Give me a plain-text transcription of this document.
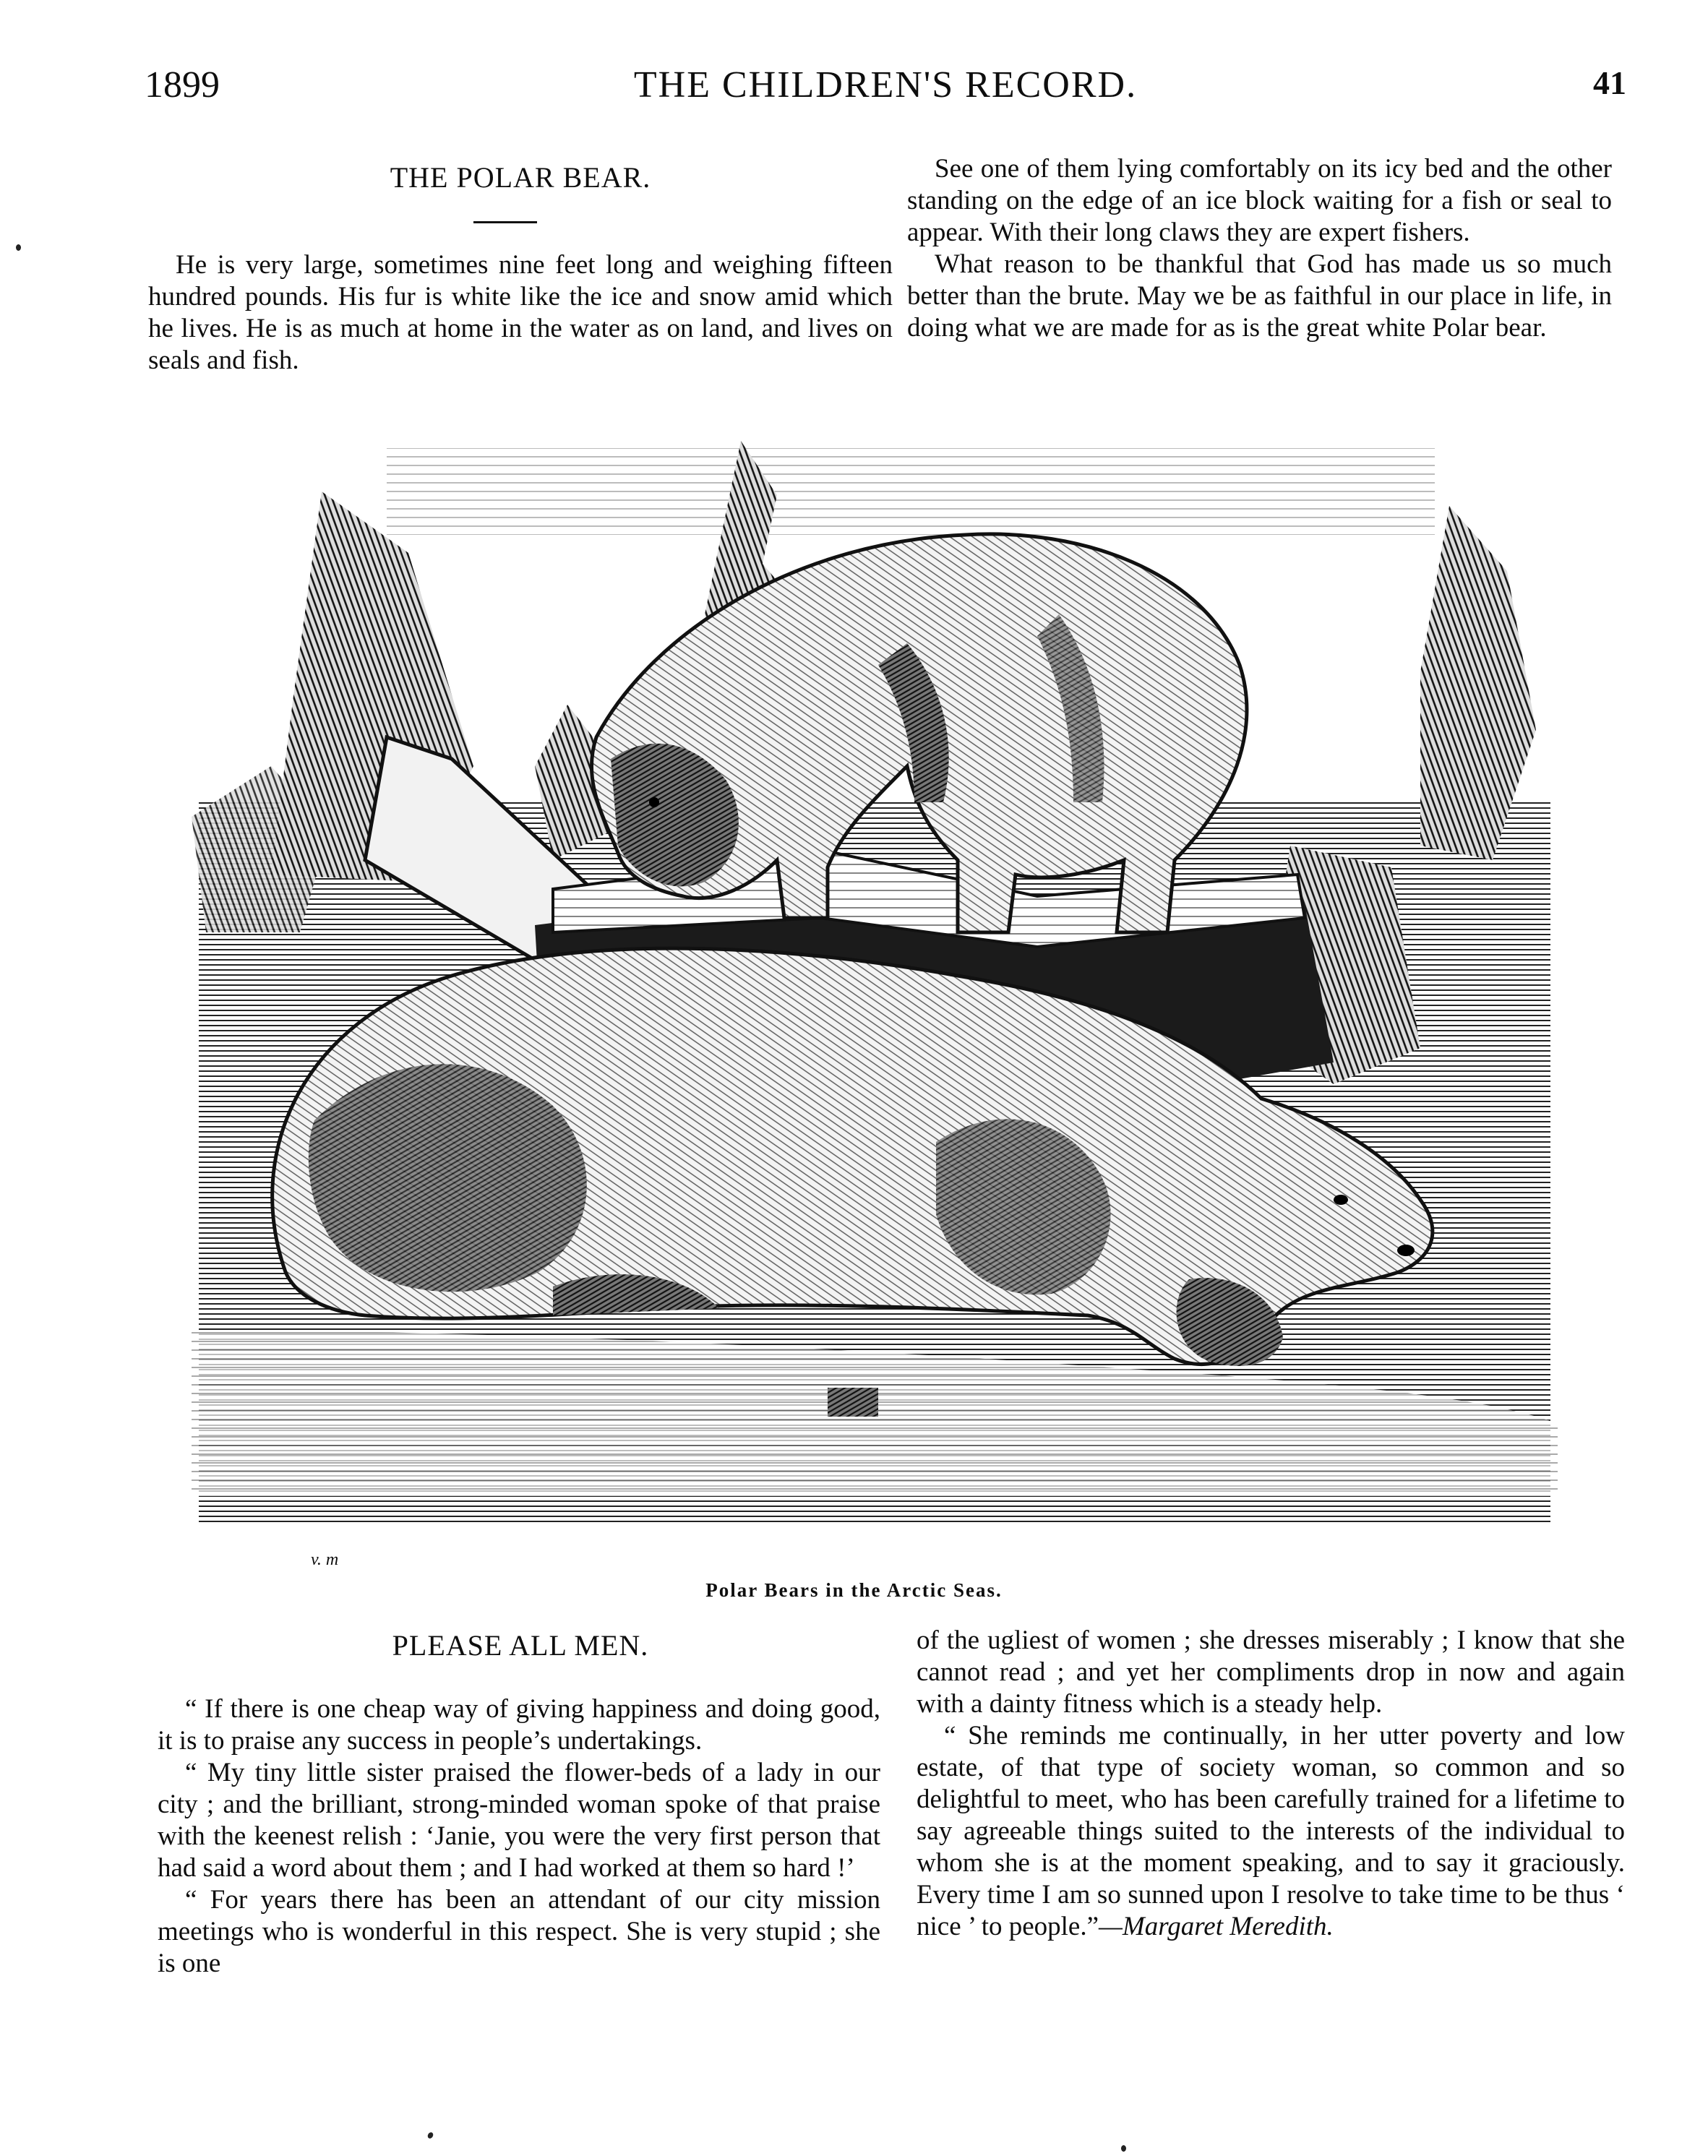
1899	THE CHILDREN'S RECORD.	41
THE POLAR BEAR.

He is very large, sometimes nine feet long and weighing fifteen hundred pounds. His fur is white like the ice and snow amid which he lives. He is as much at home in the water as on land, and lives on seals and fish.

See one of them lying comfortably on its icy bed and the other standing on the edge of an ice block waiting for a fish or seal to appear. With their long claws they are expert fishers.

What reason to be thankful that God has made us so much better than the brute. May we be as faithful in our place in life, in doing what we are made for as is the great white Polar bear.

v. m
Polar Bears in the Arctic Seas.
PLEASE ALL MEN.

“ If there is one cheap way of giving happiness and doing good, it is to praise any success in people’s undertakings.

“ My tiny little sister praised the flower-beds of a lady in our city ; and the brilliant, strong-minded woman spoke of that praise with the keenest relish : ‘Janie, you were the very first person that had said a word about them ; and I had worked at them so hard !’

“ For years there has been an attendant of our city mission meetings who is wonderful in this respect. She is very stupid ; she is one

of the ugliest of women ; she dresses miserably ; I know that she cannot read ; and yet her compliments drop in now and again with a dainty fitness which is a steady help.

“ She reminds me continually, in her utter poverty and low estate, of that type of society woman, so common and so delightful to meet, who has been carefully trained for a lifetime to say agreeable things suited to the interests of the individual to whom she is at the moment speaking, and to say it graciously. Every time I am so sunned upon I resolve to take time to be thus ‘ nice ’ to people.”—Margaret Meredith.
